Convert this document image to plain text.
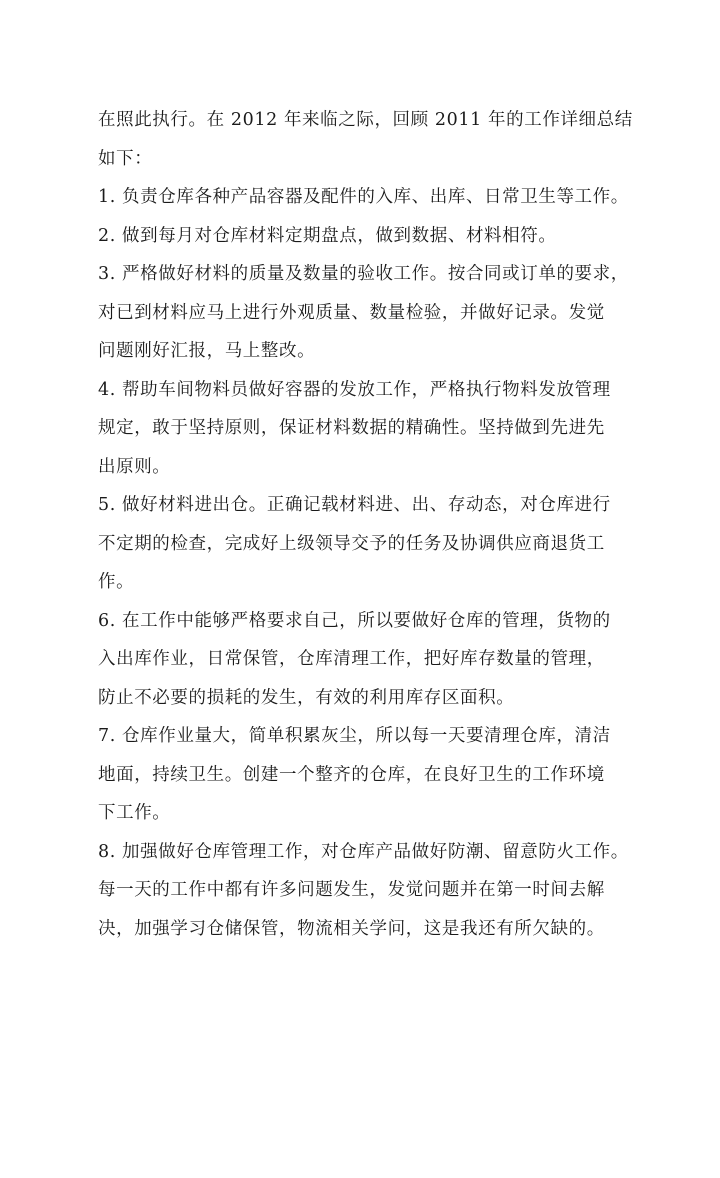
在照此执行。在 2012 年来临之际，回顾 2011 年的工作详细总结
如下：
1. 负责仓库各种产品容器及配件的入库、出库、日常卫生等工作。
2. 做到每月对仓库材料定期盘点，做到数据、材料相符。
3. 严格做好材料的质量及数量的验收工作。按合同或订单的要求，
对已到材料应马上进行外观质量、数量检验，并做好记录。发觉
问题刚好汇报，马上整改。
4. 帮助车间物料员做好容器的发放工作，严格执行物料发放管理
规定，敢于坚持原则，保证材料数据的精确性。坚持做到先进先
出原则。
5. 做好材料进出仓。正确记载材料进、出、存动态，对仓库进行
不定期的检查，完成好上级领导交予的任务及协调供应商退货工
作。
6. 在工作中能够严格要求自己，所以要做好仓库的管理，货物的
入出库作业，日常保管，仓库清理工作，把好库存数量的管理，
防止不必要的损耗的发生，有效的利用库存区面积。
7. 仓库作业量大，简单积累灰尘，所以每一天要清理仓库，清洁
地面，持续卫生。创建一个整齐的仓库，在良好卫生的工作环境
下工作。
8. 加强做好仓库管理工作，对仓库产品做好防潮、留意防火工作。
每一天的工作中都有许多问题发生，发觉问题并在第一时间去解
决，加强学习仓储保管，物流相关学问，这是我还有所欠缺的。
